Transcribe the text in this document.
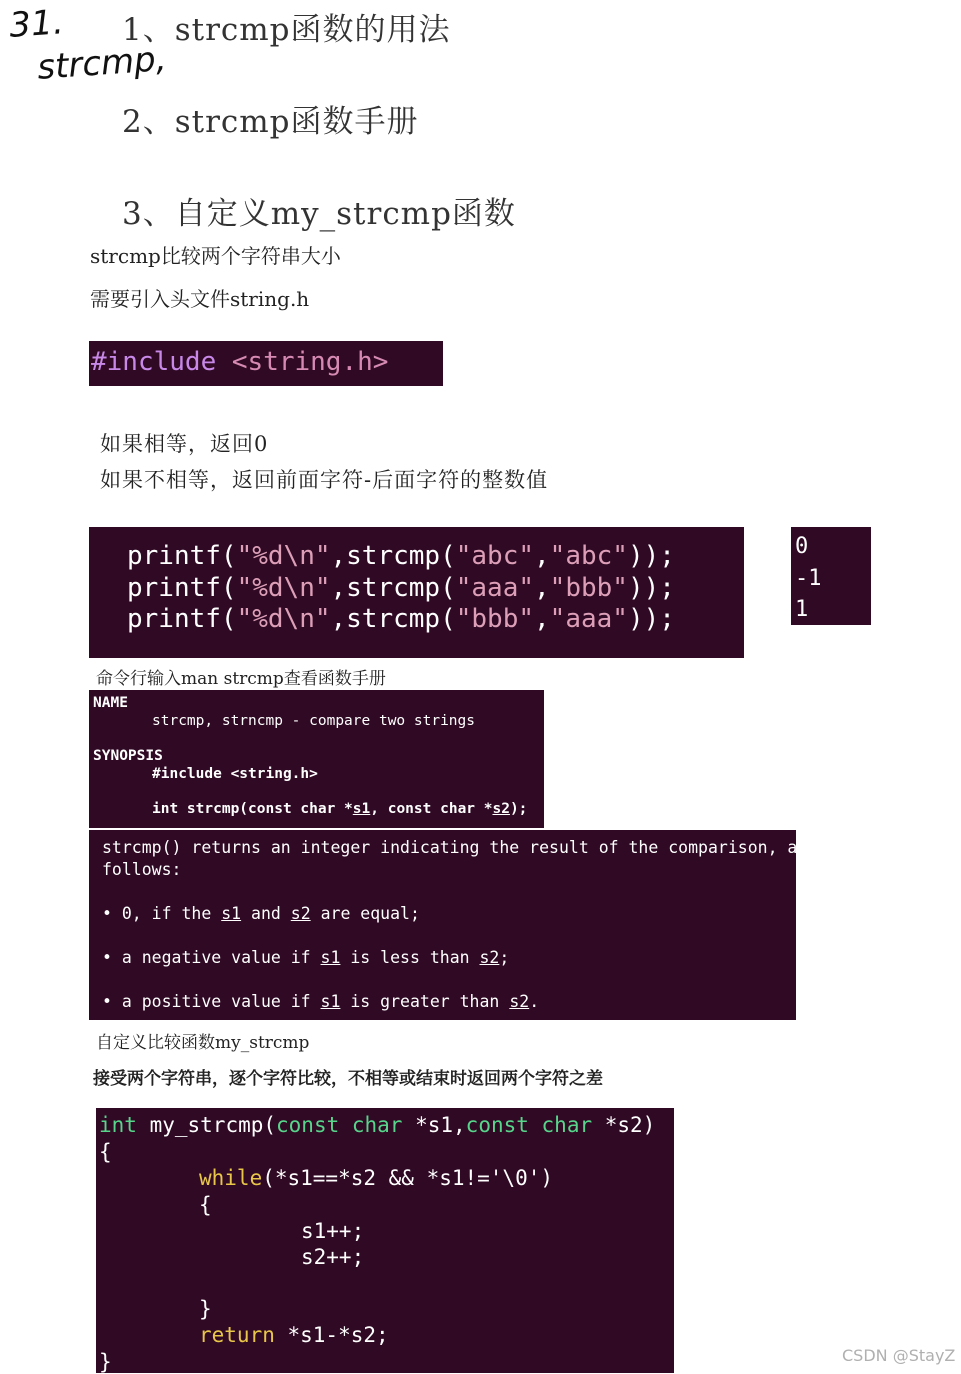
31.
strcmp,
1、strcmp函数的用法
2、strcmp函数手册
3、自定义my_strcmp函数
strcmp比较两个字符串大小
需要引入头文件string.h
#include <string.h>
如果相等，返回0
如果不相等，返回前面字符-后面字符的整数值
printf("%d\n",strcmp("abc","abc"));
printf("%d\n",strcmp("aaa","bbb"));
printf("%d\n",strcmp("bbb","aaa"));
0
-1
1
命令行输入man strcmp查看函数手册
NAME
strcmp, strncmp - compare two strings
SYNOPSIS
#include <string.h>
int strcmp(const char *s1, const char *s2);
strcmp() returns an integer indicating the result of the comparison, as
follows:
• 0, if the s1 and s2 are equal;
• a negative value if s1 is less than s2;
• a positive value if s1 is greater than s2.
自定义比较函数my_strcmp
接受两个字符串，逐个字符比较，不相等或结束时返回两个字符之差
int my_strcmp(const char *s1,const char *s2)
{
while(*s1==*s2 && *s1!='\0')
{
s1++;
s2++;
}
return *s1-*s2;
}	CSDN @StayZ
